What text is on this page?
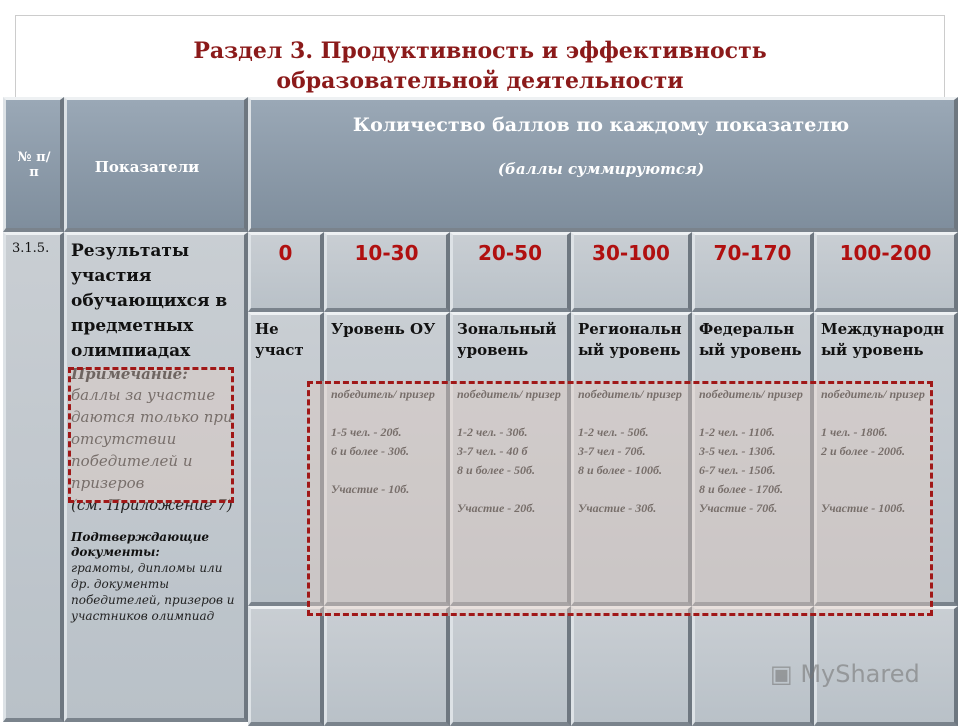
Раздел 3. Продуктивность и эффективность
образовательной деятельности
№ п/п	Показатели
Количество баллов по каждому показателю
(баллы суммируются)
3.1.5.	Результаты участия обучающихся в предметных олимпиадах
Примечание:
баллы за участие даются только при отсутствии победителей и призеров
(см. Приложение 7)
Подтверждающие документы:
грамоты, дипломы или др. документы победителей, призеров и участников олимпиад
0
Не участ
10-30
Уровень ОУ
победитель/ призер
1-5 чел. - 20б.
6 и более - 30б.
Участие - 10б.
20-50
Зональный уровень
победитель/ призер
1-2 чел. - 30б.
3-7 чел. - 40 б
8 и более - 50б.
Участие - 20б.
30-100
Региональный уровень
победитель/ призер
1-2 чел. - 50б.
3-7 чел - 70б.
8 и более - 100б.
Участие - 30б.
70-170
Федеральный уровень
победитель/ призер
1-2 чел. - 110б.
3-5 чел. - 130б.
6-7 чел. - 150б.
8 и более - 170б.
Участие - 70б.
100-200
Международный уровень
победитель/ призер
1 чел. - 180б.
2 и более - 200б.
Участие - 100б.
▣ MyShared
